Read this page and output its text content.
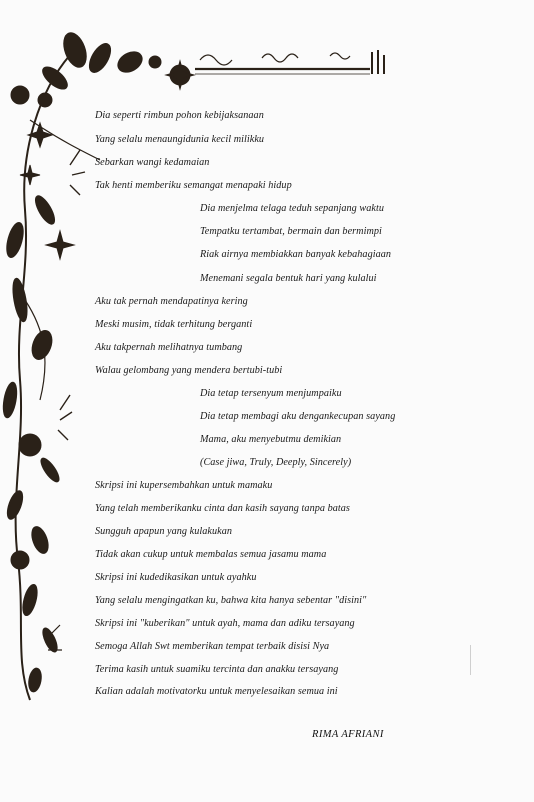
Dia seperti rimbun pohon kebijaksanaan
Yang selalu menaungidunia kecil milikku
Sebarkan wangi kedamaian
Tak henti memberiku semangat menapaki hidup
Dia menjelma telaga teduh sepanjang waktu
Tempatku tertambat, bermain dan bermimpi
Riak airnya membiakkan banyak kebahagiaan
Menemani segala bentuk hari yang kulalui
Aku tak pernah mendapatinya kering
Meski musim, tidak terhitung berganti
Aku takpernah melihatnya tumbang
Walau gelombang yang mendera bertubi-tubi
Dia tetap tersenyum menjumpaiku
Dia tetap membagi aku dengankecupan sayang
Mama, aku menyebutmu demikian
(Case jiwa, Truly, Deeply, Sincerely)
Skripsi ini kupersembahkan untuk mamaku
Yang telah memberikanku cinta dan kasih sayang tanpa batas
Sungguh apapun yang kulakukan
Tidak akan cukup untuk membalas semua jasamu mama
Skripsi ini kudedikasikan untuk ayahku
Yang selalu mengingatkan ku, bahwa kita hanya sebentar "disini"
Skripsi ini "kuberikan" untuk ayah, mama dan adiku tersayang
Semoga Allah Swt memberikan tempat terbaik disisi Nya
Terima kasih untuk suamiku tercinta dan anakku tersayang
Kalian adalah motivatorku untuk menyelesaikan semua ini
RIMA AFRIANI
